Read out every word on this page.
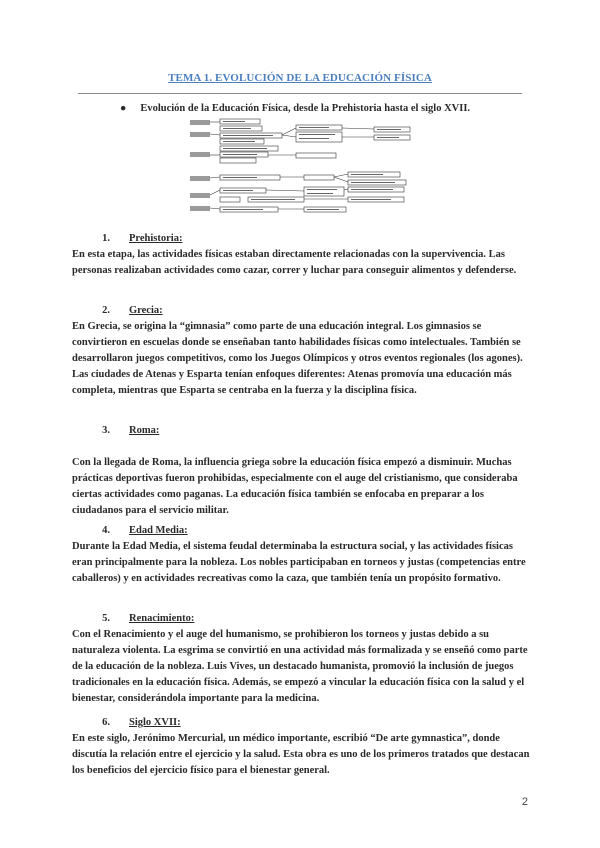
TEMA 1. EVOLUCIÓN DE LA EDUCACIÓN FÍSICA
● Evolución de la Educación Física, desde la Prehistoria hasta el siglo XVII.
1. Prehistoria:
En esta etapa, las actividades físicas estaban directamente relacionadas con la supervivencia. Las personas realizaban actividades como cazar, correr y luchar para conseguir alimentos y defenderse.
2. Grecia:
En Grecia, se origina la “gimnasia” como parte de una educación integral. Los gimnasios se convirtieron en escuelas donde se enseñaban tanto habilidades físicas como intelectuales. También se desarrollaron juegos competitivos, como los Juegos Olímpicos y otros eventos regionales (los agones). Las ciudades de Atenas y Esparta tenían enfoques diferentes: Atenas promovía una educación más completa, mientras que Esparta se centraba en la fuerza y la disciplina física.
3. Roma:
Con la llegada de Roma, la influencia griega sobre la educación física empezó a disminuir. Muchas prácticas deportivas fueron prohibidas, especialmente con el auge del cristianismo, que consideraba ciertas actividades como paganas. La educación física también se enfocaba en preparar a los ciudadanos para el servicio militar.
4. Edad Media:
Durante la Edad Media, el sistema feudal determinaba la estructura social, y las actividades físicas eran principalmente para la nobleza. Los nobles participaban en torneos y justas (competencias entre caballeros) y en actividades recreativas como la caza, que también tenía un propósito formativo.
5. Renacimiento:
Con el Renacimiento y el auge del humanismo, se prohibieron los torneos y justas debido a su naturaleza violenta. La esgrima se convirtió en una actividad más formalizada y se enseñó como parte de la educación de la nobleza. Luis Vives, un destacado humanista, promovió la inclusión de juegos tradicionales en la educación física. Además, se empezó a vincular la educación física con la salud y el bienestar, considerándola importante para la medicina.
6. Siglo XVII:
En este siglo, Jerónimo Mercurial, un médico importante, escribió “De arte gymnastica”, donde discutía la relación entre el ejercicio y la salud. Esta obra es uno de los primeros tratados que destacan los beneficios del ejercicio físico para el bienestar general.
2
